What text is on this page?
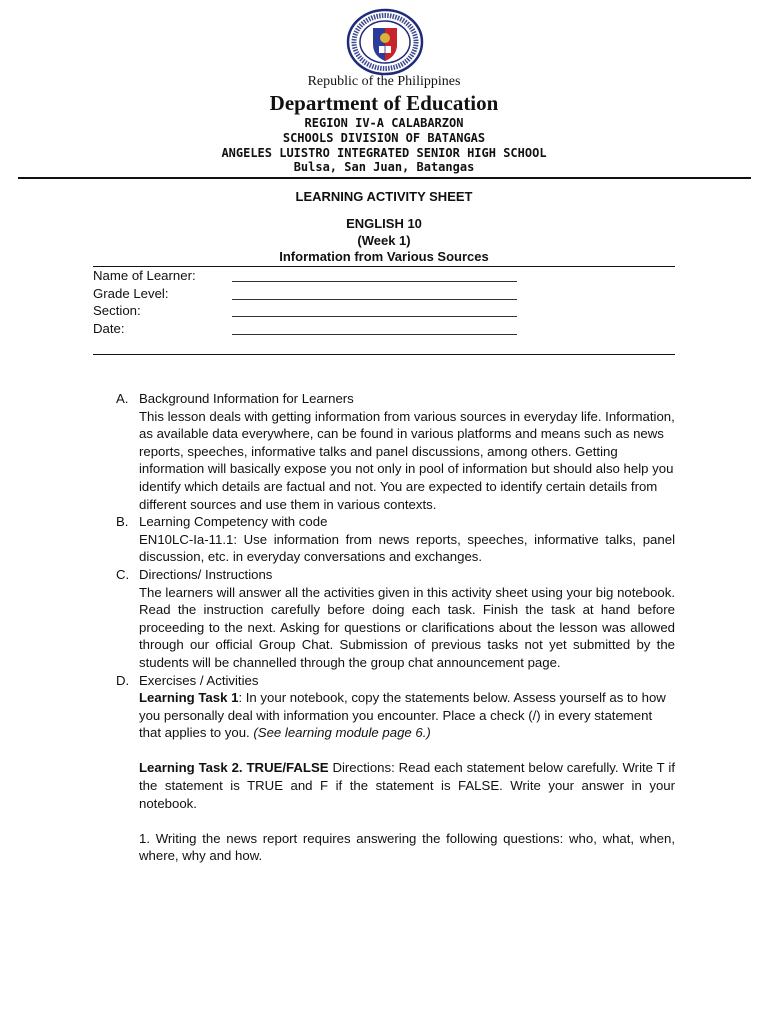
Republic of the Philippines
Department of Education
REGION IV-A CALABARZON
SCHOOLS DIVISION OF BATANGAS
ANGELES LUISTRO INTEGRATED SENIOR HIGH SCHOOL
Bulsa, San Juan, Batangas
LEARNING ACTIVITY SHEET
ENGLISH 10
(Week 1)
Information from Various Sources
Name of Learner:
Grade Level:
Section:
Date:
A. Background Information for Learners

This lesson deals with getting information from various sources in everyday life. Information, as available data everywhere, can be found in various platforms and means such as news reports, speeches, informative talks and panel discussions, among others. Getting information will basically expose you not only in pool of information but should also help you identify which details are factual and not. You are expected to identify certain details from different sources and use them in various contexts.

B. Learning Competency with code

EN10LC-Ia-11.1: Use information from news reports, speeches, informative talks, panel discussion, etc. in everyday conversations and exchanges.

C. Directions/ Instructions

The learners will answer all the activities given in this activity sheet using your big notebook. Read the instruction carefully before doing each task. Finish the task at hand before proceeding to the next. Asking for questions or clarifications about the lesson was allowed through our official Group Chat. Submission of previous tasks not yet submitted by the students will be channelled through the group chat announcement page.

D. Exercises / Activities

Learning Task 1: In your notebook, copy the statements below. Assess yourself as to how you personally deal with information you encounter. Place a check (/) in every statement that applies to you. (See learning module page 6.)

Learning Task 2. TRUE/FALSE Directions: Read each statement below carefully. Write T if the statement is TRUE and F if the statement is FALSE. Write your answer in your notebook.

1. Writing the news report requires answering the following questions: who, what, when, where, why and how.
